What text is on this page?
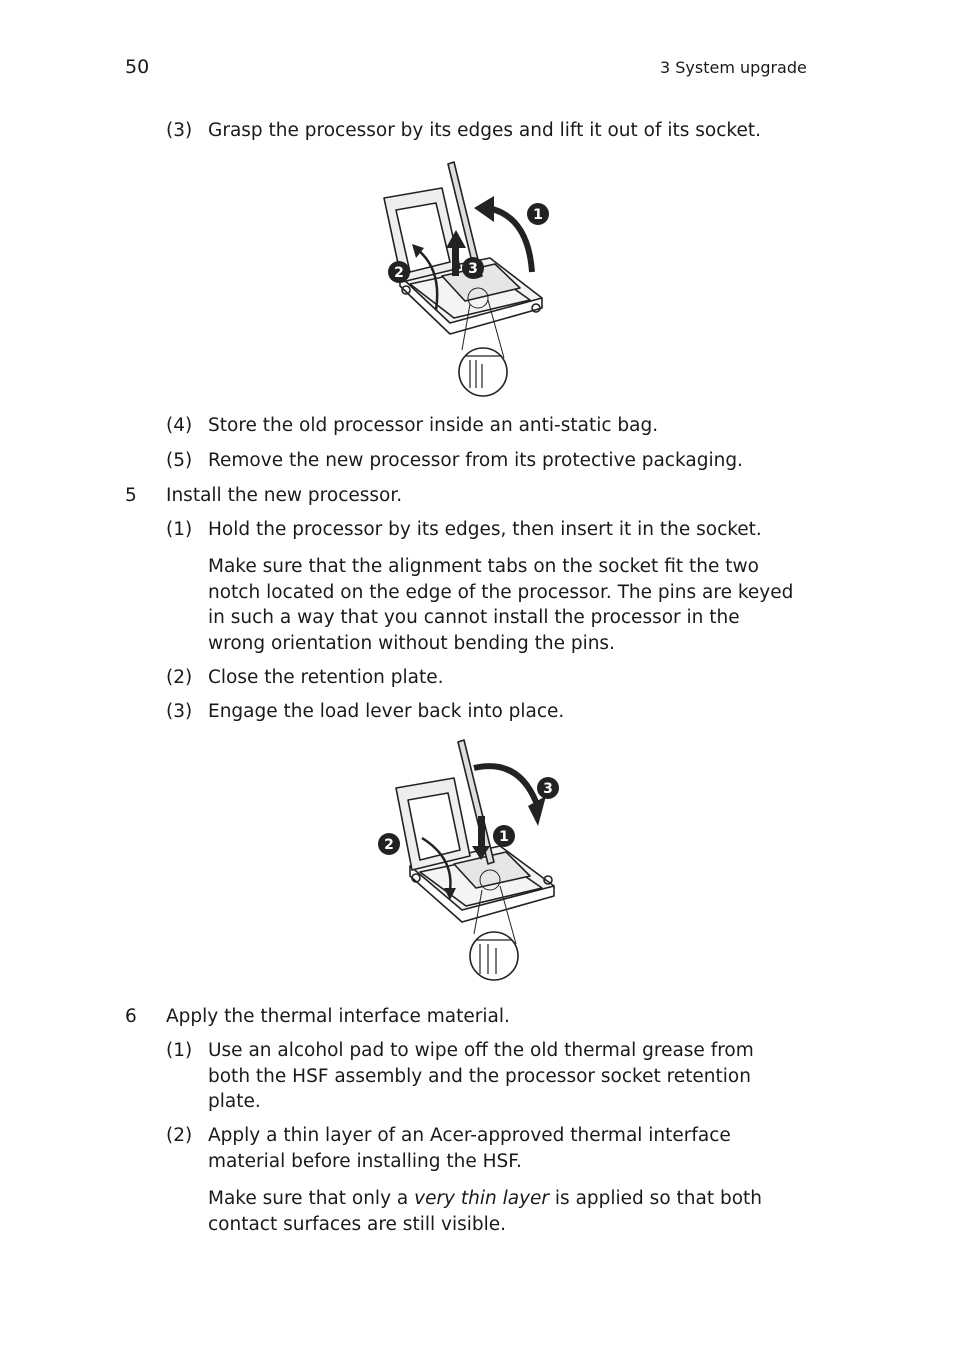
50	3 System upgrade
(3) Grasp the processor by its edges and lift it out of its socket.
1
2	3
(4) Store the old processor inside an anti-static bag.
(5) Remove the new processor from its protective packaging.
5	Install the new processor.
(1) Hold the processor by its edges, then insert it in the socket.
Make sure that the alignment tabs on the socket fit the two
notch located on the edge of the processor. The pins are keyed
in such a way that you cannot install the processor in the
wrong orientation without bending the pins.
(2) Close the retention plate.
(3) Engage the load lever back into place.
3
2	1
6	Apply the thermal interface material.
(1) Use an alcohol pad to wipe off the old thermal grease from
both the HSF assembly and the processor socket retention
plate.
(2) Apply a thin layer of an Acer-approved thermal interface
material before installing the HSF.
Make sure that only a very thin layer is applied so that both
contact surfaces are still visible.
